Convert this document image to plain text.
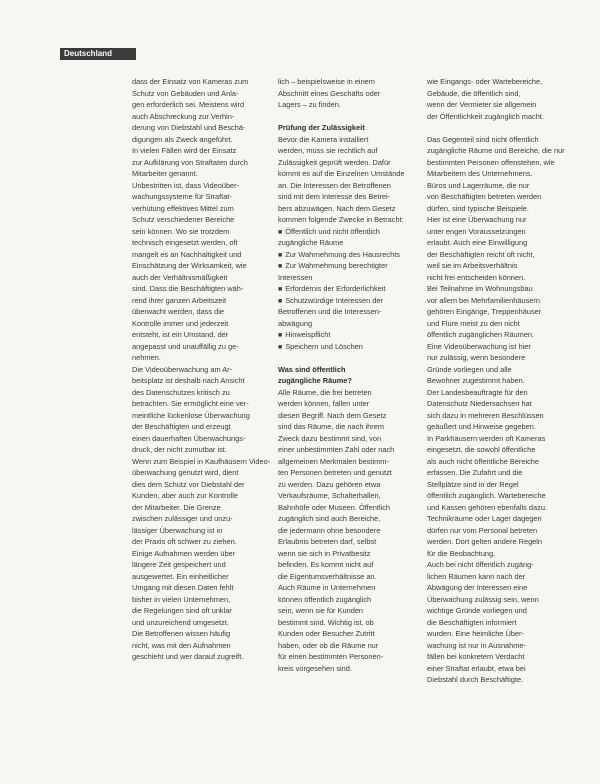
Deutschland
dass der Einsatz von Kameras zum
Schutz von Gebäuden und Anla-
gen erforderlich sei. Meistens wird
auch Abschreckung zur Verhin-
derung von Diebstahl und Beschä-
digungen als Zweck angeführt.
In vielen Fällen wird der Einsatz
zur Aufklärung von Straftaten durch
Mitarbeiter genannt.
Unbestritten ist, dass Videoüber-
wachungssysteme für Straftat-
verhütung effektives Mittel zum
Schutz verschiedener Bereiche
sein können. Wo sie trotzdem
technisch eingesetzt werden, oft
mangelt es an Nachhaltigkeit und
Einschätzung der Wirksamkeit, wie
auch der Verhältnismäßigkeit
sind. Dass die Beschäftigten wäh-
rend ihrer ganzen Arbeitszeit
überwacht werden, dass die
Kontrolle immer und jederzeit
entsteht, ist ein Umstand, der
angepasst und unauffällig zu ge-
nehmen.
Die Videoüberwachung am Ar-
beitsplatz ist deshalb nach Ansicht
des Datenschutzes kritisch zu
betrachten. Sie ermöglicht eine ver-
meintliche lückenlose Überwachung
der Beschäftigten und erzeugt
einen dauerhaften Überwachungs-
druck, der nicht zumutbar ist.
Wenn zum Beispiel in Kaufhäusern Video-
überwachung genutzt wird, dient
dies dem Schutz vor Diebstahl der
Kunden, aber auch zur Kontrolle
der Mitarbeiter. Die Grenze
zwischen zulässiger und unzu-
lässiger Überwachung ist in
der Praxis oft schwer zu ziehen.
Einige Aufnahmen werden über
längere Zeit gespeichert und
ausgewertet. Ein einheitlicher
Umgang mit diesen Daten fehlt
bisher in vielen Unternehmen,
die Regelungen sind oft unklar
und unzureichend umgesetzt.
Die Betroffenen wissen häufig
nicht, was mit den Aufnahmen
geschieht und wer darauf zugreift.
lich – beispielsweise in einem
Abschnitt eines Geschäfts oder
Lagers – zu finden.
Prüfung der Zulässigkeit
Bevor die Kamera installiert
werden, muss sie rechtlich auf
Zulässigkeit geprüft werden. Dafür
kommt es auf die Einzelnen Umstände
an. Die Interessen der Betroffenen
sind mit dem Interesse des Betrei-
bers abzuwägen. Nach dem Gesetz
kommen folgende Zwecke in Betracht:
■ Öffentlich und nicht öffentlich
zugängliche Räume
■ Zur Wahrnehmung des Hausrechts
■ Zur Wahrnehmung berechtigter
Interessen
■ Erfordernis der Erforderlichkeit
■ Schutzwürdige Interessen der
Betroffenen und die Interessen-
abwägung
■ Hinweispflicht
■ Speichern und Löschen
Was sind öffentlich
zugängliche Räume?
Alle Räume, die frei betreten
werden können, fallen unter
diesen Begriff. Nach dem Gesetz
sind das Räume, die nach ihrem
Zweck dazu bestimmt sind, von
einer unbestimmten Zahl oder nach
allgemeinen Merkmalen bestimm-
ten Personen betreten und genutzt
zu werden. Dazu gehören etwa
Verkaufsräume, Schalterhallen,
Bahnhöfe oder Museen. Öffentlich
zugänglich sind auch Bereiche,
die jedermann ohne besondere
Erlaubnis betreten darf, selbst
wenn sie sich in Privatbesitz
befinden. Es kommt nicht auf
die Eigentumsverhältnisse an.
Auch Räume in Unternehmen
können öffentlich zugänglich
sein, wenn sie für Kunden
bestimmt sind. Wichtig ist, ob
Kunden oder Besucher Zutritt
haben, oder ob die Räume nur
für einen bestimmten Personen-
kreis vorgesehen sind.
wie Eingangs- oder Wartebereiche,
Gebäude, die öffentlich sind,
wenn der Vermieter sie allgemein
der Öffentlichkeit zugänglich macht.
Das Gegenteil sind nicht öffentlich
zugängliche Räume und Bereiche, die nur
bestimmten Personen offenstehen, wie
Mitarbeitern des Unternehmens.
Büros und Lagerräume, die nur
von Beschäftigten betreten werden
dürfen, sind typische Beispiele.
Hier ist eine Überwachung nur
unter engen Voraussetzungen
erlaubt. Auch eine Einwilligung
der Beschäftigten reicht oft nicht,
weil sie im Arbeitsverhältnis
nicht frei entscheiden können.
Bei Teilnahme im Wohnungsbau
vor allem bei Mehrfamilienhäusern
gehören Eingänge, Treppenhäuser
und Flure meist zu den nicht
öffentlich zugänglichen Räumen.
Eine Videoüberwachung ist hier
nur zulässig, wenn besondere
Gründe vorliegen und alle
Bewohner zugestimmt haben.
Der Landesbeauftragte für den
Datenschutz Niedersachsen hat
sich dazu in mehreren Beschlüssen
geäußert und Hinweise gegeben.
In Parkhäusern werden oft Kameras
eingesetzt, die sowohl öffentliche
als auch nicht öffentliche Bereiche
erfassen. Die Zufahrt und die
Stellplätze sind in der Regel
öffentlich zugänglich. Wartebereiche
und Kassen gehören ebenfalls dazu.
Technikräume oder Lager dagegen
dürfen nur vom Personal betreten
werden. Dort gelten andere Regeln
für die Beobachtung.
Auch bei nicht öffentlich zugäng-
lichen Räumen kann nach der
Abwägung der Interessen eine
Überwachung zulässig sein, wenn
wichtige Gründe vorliegen und
die Beschäftigten informiert
wurden. Eine heimliche Über-
wachung ist nur in Ausnahme-
fällen bei konkretem Verdacht
einer Straftat erlaubt, etwa bei
Diebstahl durch Beschäftigte.
